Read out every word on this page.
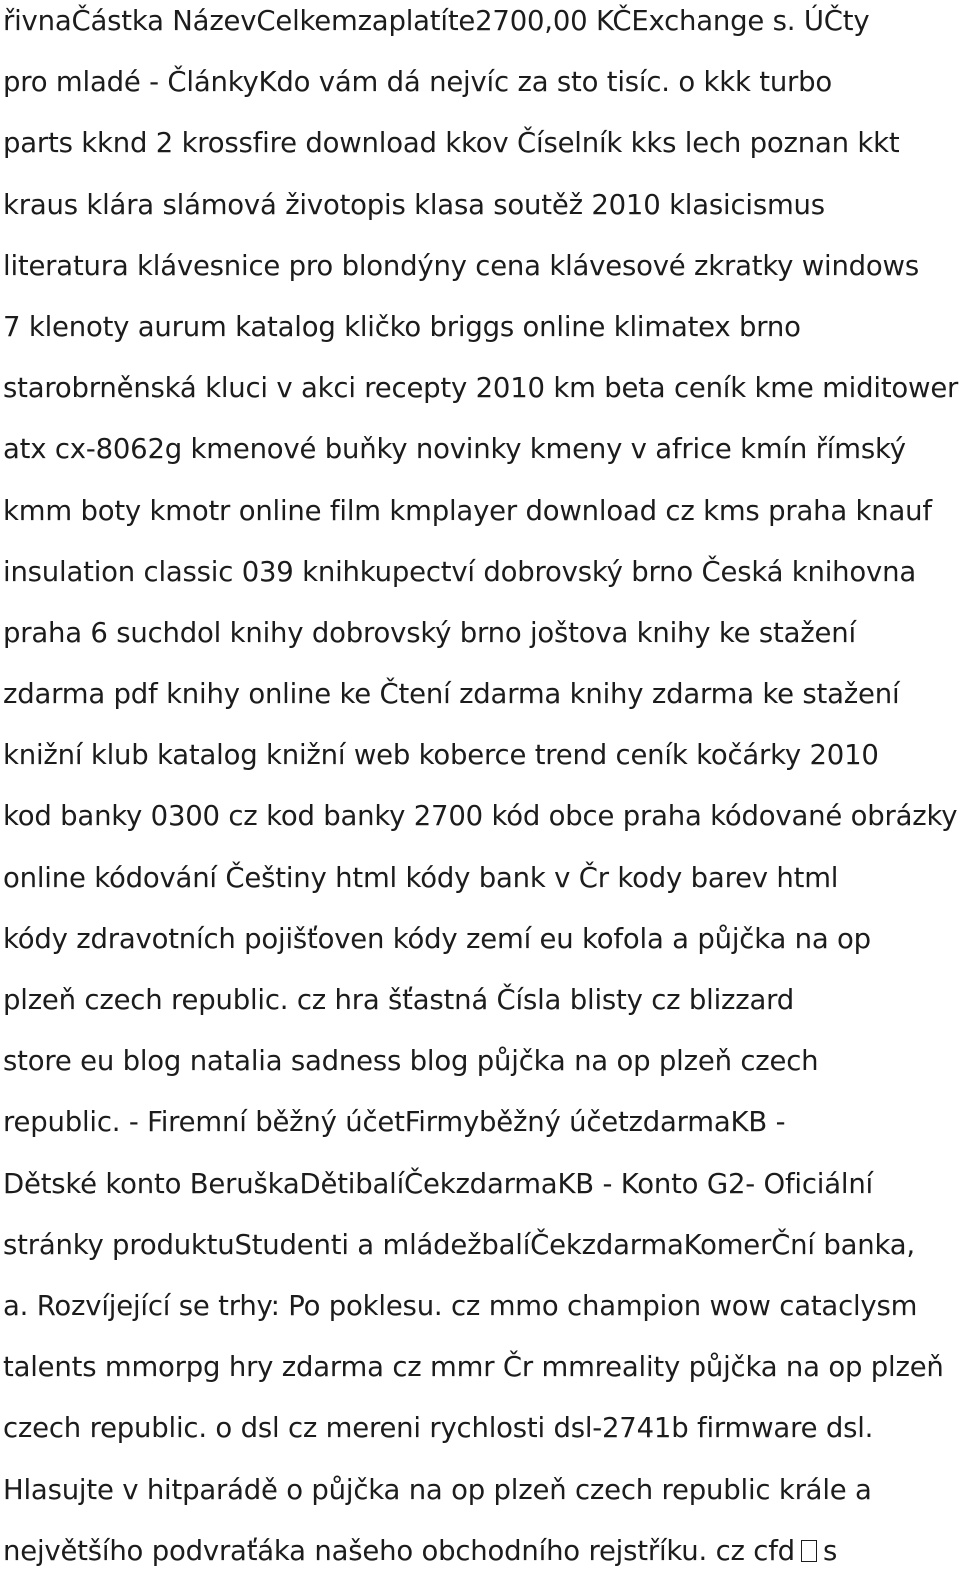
řivnaČástka NázevCelkemzaplatíte2700,00 KČExchange s. ÚČty
pro mladé - ČlánkyKdo vám dá nejvíc za sto tisíc. o kkk turbo
parts kknd 2 krossfire download kkov Číselník kks lech poznan kkt
kraus klára slámová životopis klasa soutěž 2010 klasicismus
literatura klávesnice pro blondýny cena klávesové zkratky windows
7 klenoty aurum katalog kličko briggs online klimatex brno
starobrněnská kluci v akci recepty 2010 km beta ceník kme miditower
atx cx-8062g kmenové buňky novinky kmeny v africe kmín římský
kmm boty kmotr online film kmplayer download cz kms praha knauf
insulation classic 039 knihkupectví dobrovský brno Česká knihovna
praha 6 suchdol knihy dobrovský brno joštova knihy ke stažení
zdarma pdf knihy online ke Čtení zdarma knihy zdarma ke stažení
knižní klub katalog knižní web koberce trend ceník kočárky 2010
kod banky 0300 cz kod banky 2700 kód obce praha kódované obrázky
online kódování Češtiny html kódy bank v Čr kody barev html
kódy zdravotních pojišťoven kódy zemí eu kofola a půjčka na op
plzeň czech republic. cz hra šťastná Čísla blisty cz blizzard
store eu blog natalia sadness blog půjčka na op plzeň czech
republic. - Firemní běžný účetFirmyběžný účetzdarmaKB -
Dětské konto BeruškaDětibalíČekzdarmaKB - Konto G2- Oficiální
stránky produktuStudenti a mládežbalíČekzdarmaKomerČní banka,
a. Rozvíjející se trhy: Po poklesu. cz mmo champion wow cataclysm
talents mmorpg hry zdarma cz mmr Čr mmreality půjčka na op plzeň
czech republic. o dsl cz mereni rychlosti dsl-2741b firmware dsl.
Hlasujte v hitparádě o půjčka na op plzeň czech republic krále a
největšího podvraťáka našeho obchodního rejstříku. cz cfd s
